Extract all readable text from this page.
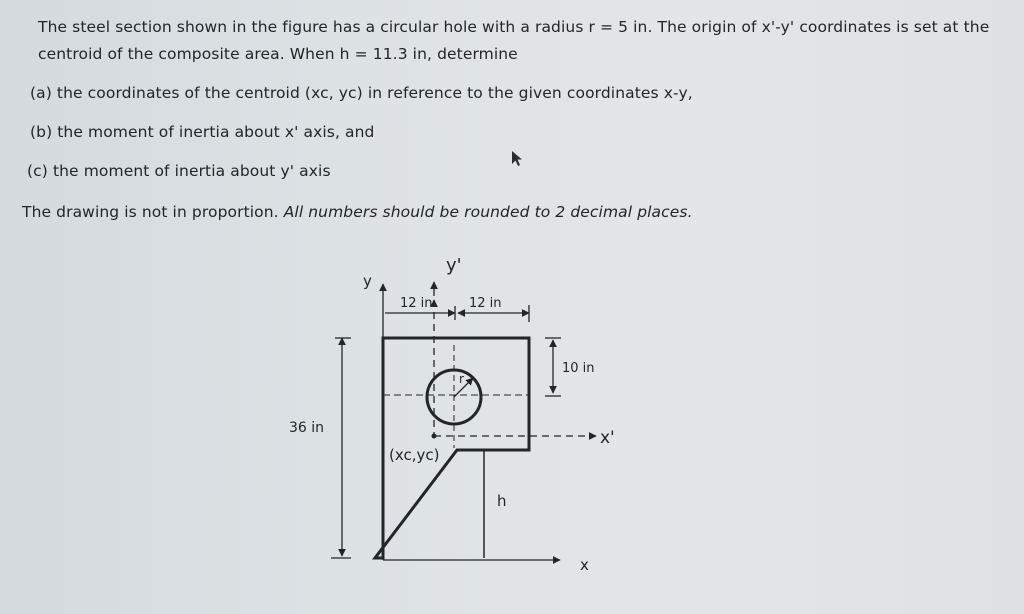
The steel section shown in the figure has a circular hole with a radius r = 5 in. The origin of x'-y' coordinates is set at the
centroid of the composite area. When h = 11.3 in, determine
(a) the coordinates of the centroid (xc, yc) in reference to the given coordinates x-y,
(b) the moment of inertia about x' axis, and
(c) the moment of inertia about y' axis
The drawing is not in proportion. All numbers should be rounded to 2 decimal places.
y'
y
12 in	12 in
10 in
r
36 in
(xc,yc)
x'
h
x
